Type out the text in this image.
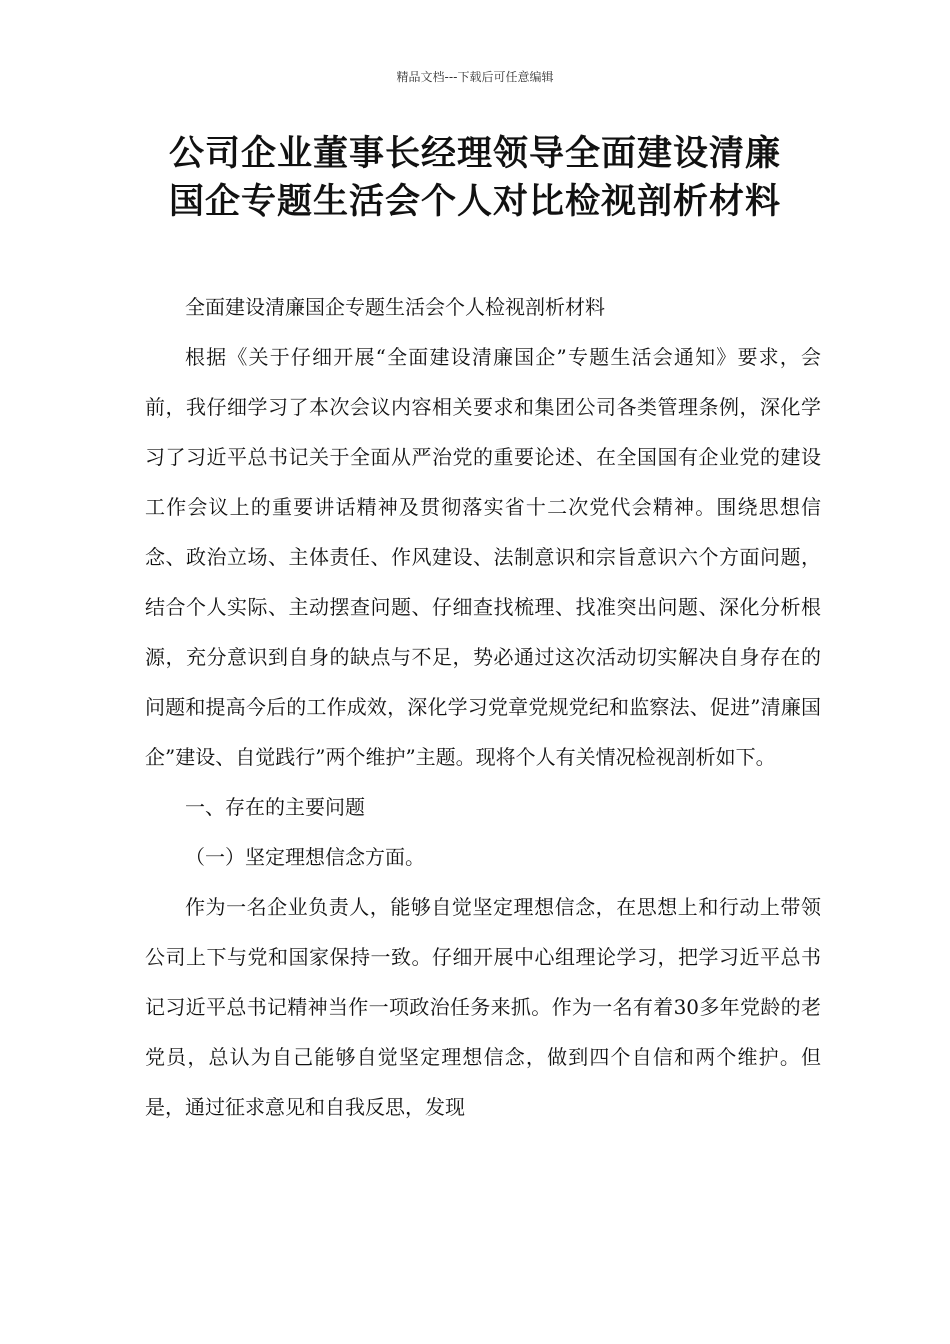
精品文档---下载后可任意编辑
公司企业董事长经理领导全面建设清廉
国企专题生活会个人对比检视剖析材料

全面建设清廉国企专题生活会个人检视剖析材料

根据《关于仔细开展“全面建设清廉国企”专题生活会通知》要求，会前，我仔细学习了本次会议内容相关要求和集团公司各类管理条例，深化学习了习近平总书记关于全面从严治党的重要论述、在全国国有企业党的建设工作会议上的重要讲话精神及贯彻落实省十二次党代会精神。围绕思想信念、政治立场、主体责任、作风建设、法制意识和宗旨意识六个方面问题，结合个人实际、主动摆查问题、仔细查找梳理、找准突出问题、深化分析根源，充分意识到自身的缺点与不足，势必通过这次活动切实解决自身存在的问题和提高今后的工作成效，深化学习党章党规党纪和监察法、促进”清廉国企”建设、自觉践行”两个维护”主题。现将个人有关情况检视剖析如下。

一、存在的主要问题

（一）坚定理想信念方面。

作为一名企业负责人，能够自觉坚定理想信念，在思想上和行动上带领公司上下与党和国家保持一致。仔细开展中心组理论学习，把学习近平总书记习近平总书记精神当作一项政治任务来抓。作为一名有着30多年党龄的老党员，总认为自己能够自觉坚定理想信念，做到四个自信和两个维护。但是，通过征求意见和自我反思，发现
